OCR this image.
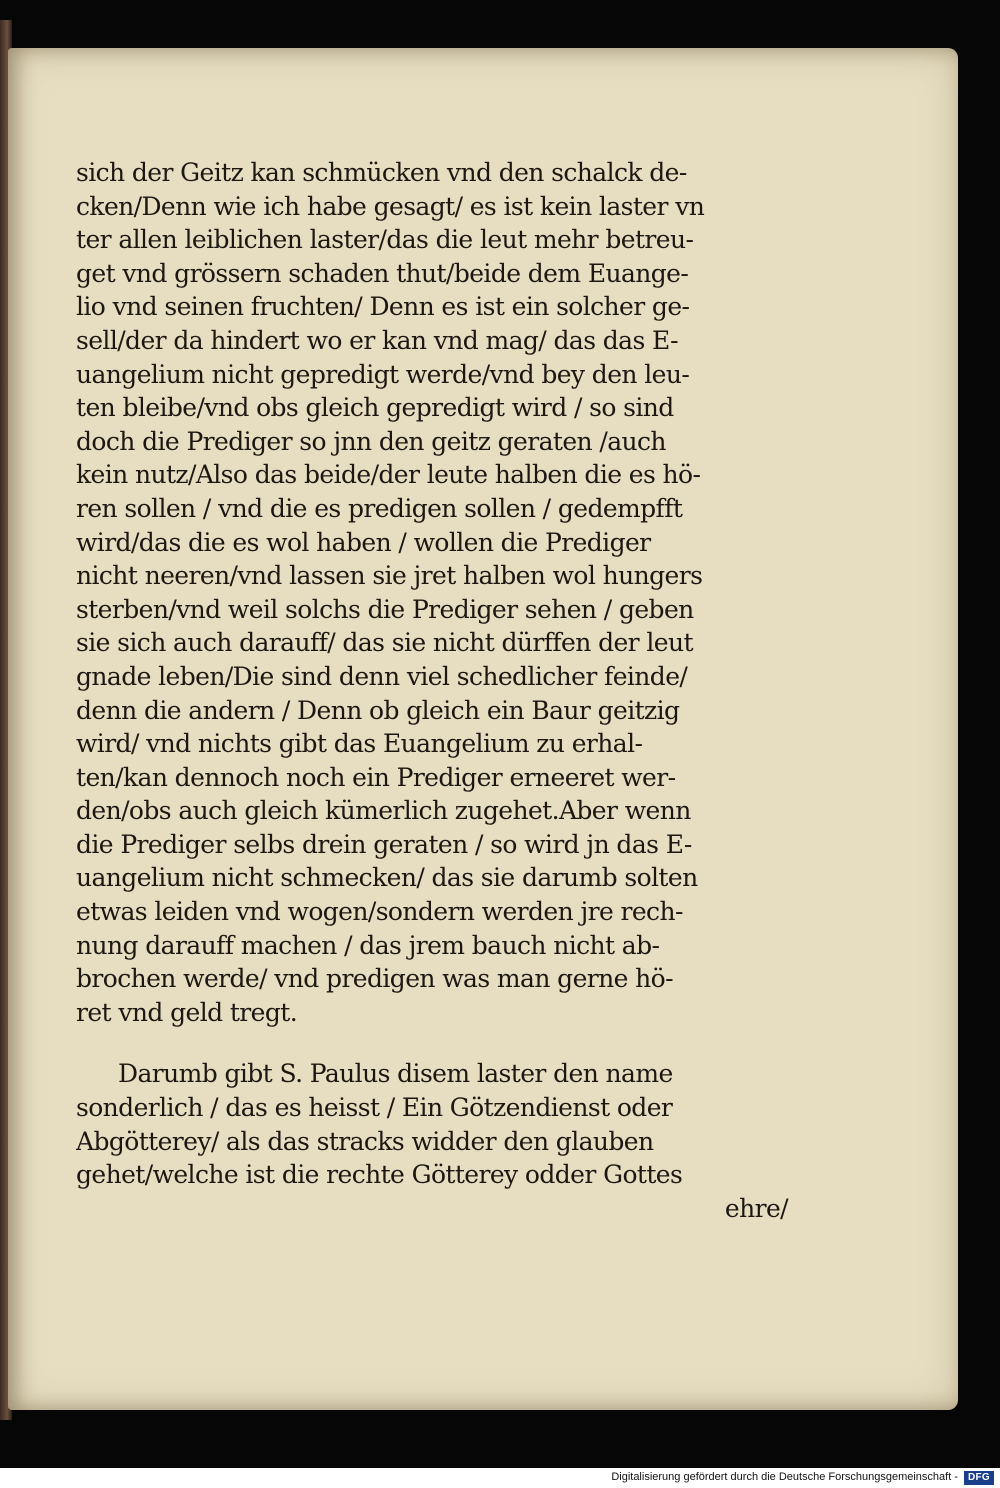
sich der Geitz kan schmücken vnd den schalck de-
cken/Denn wie ich habe gesagt/ es ist kein laster vn
ter allen leiblichen laster/das die leut mehr betreu-
get vnd grössern schaden thut/beide dem Euange-
lio vnd seinen fruchten/ Denn es ist ein solcher ge-
sell/der da hindert wo er kan vnd mag/ das das E-
uangelium nicht gepredigt werde/vnd bey den leu-
ten bleibe/vnd obs gleich gepredigt wird / so sind
doch die Prediger so jnn den geitz geraten /auch
kein nutz/Also das beide/der leute halben die es hö-
ren sollen / vnd die es predigen sollen / gedempfft
wird/das die es wol haben / wollen die Prediger
nicht neeren/vnd lassen sie jret halben wol hungers
sterben/vnd weil solchs die Prediger sehen / geben
sie sich auch darauff/ das sie nicht dürffen der leut
gnade leben/Die sind denn viel schedlicher feinde/
denn die andern / Denn ob gleich ein Baur geitzig
wird/ vnd nichts gibt das Euangelium zu erhal-
ten/kan dennoch noch ein Prediger erneeret wer-
den/obs auch gleich kümerlich zugehet.Aber wenn
die Prediger selbs drein geraten / so wird jn das E-
uangelium nicht schmecken/ das sie darumb solten
etwas leiden vnd wogen/sondern werden jre rech-
nung darauff machen / das jrem bauch nicht ab-
brochen werde/ vnd predigen was man gerne hö-
ret vnd geld tregt.
Darumb gibt S. Paulus disem laster den name
sonderlich / das es heisst / Ein Götzendienst oder
Abgötterey/ als das stracks widder den glauben
gehet/welche ist die rechte Götterey odder Gottes
ehre/
Digitalisierung gefördert durch die Deutsche Forschungsgemeinschaft - DFG
